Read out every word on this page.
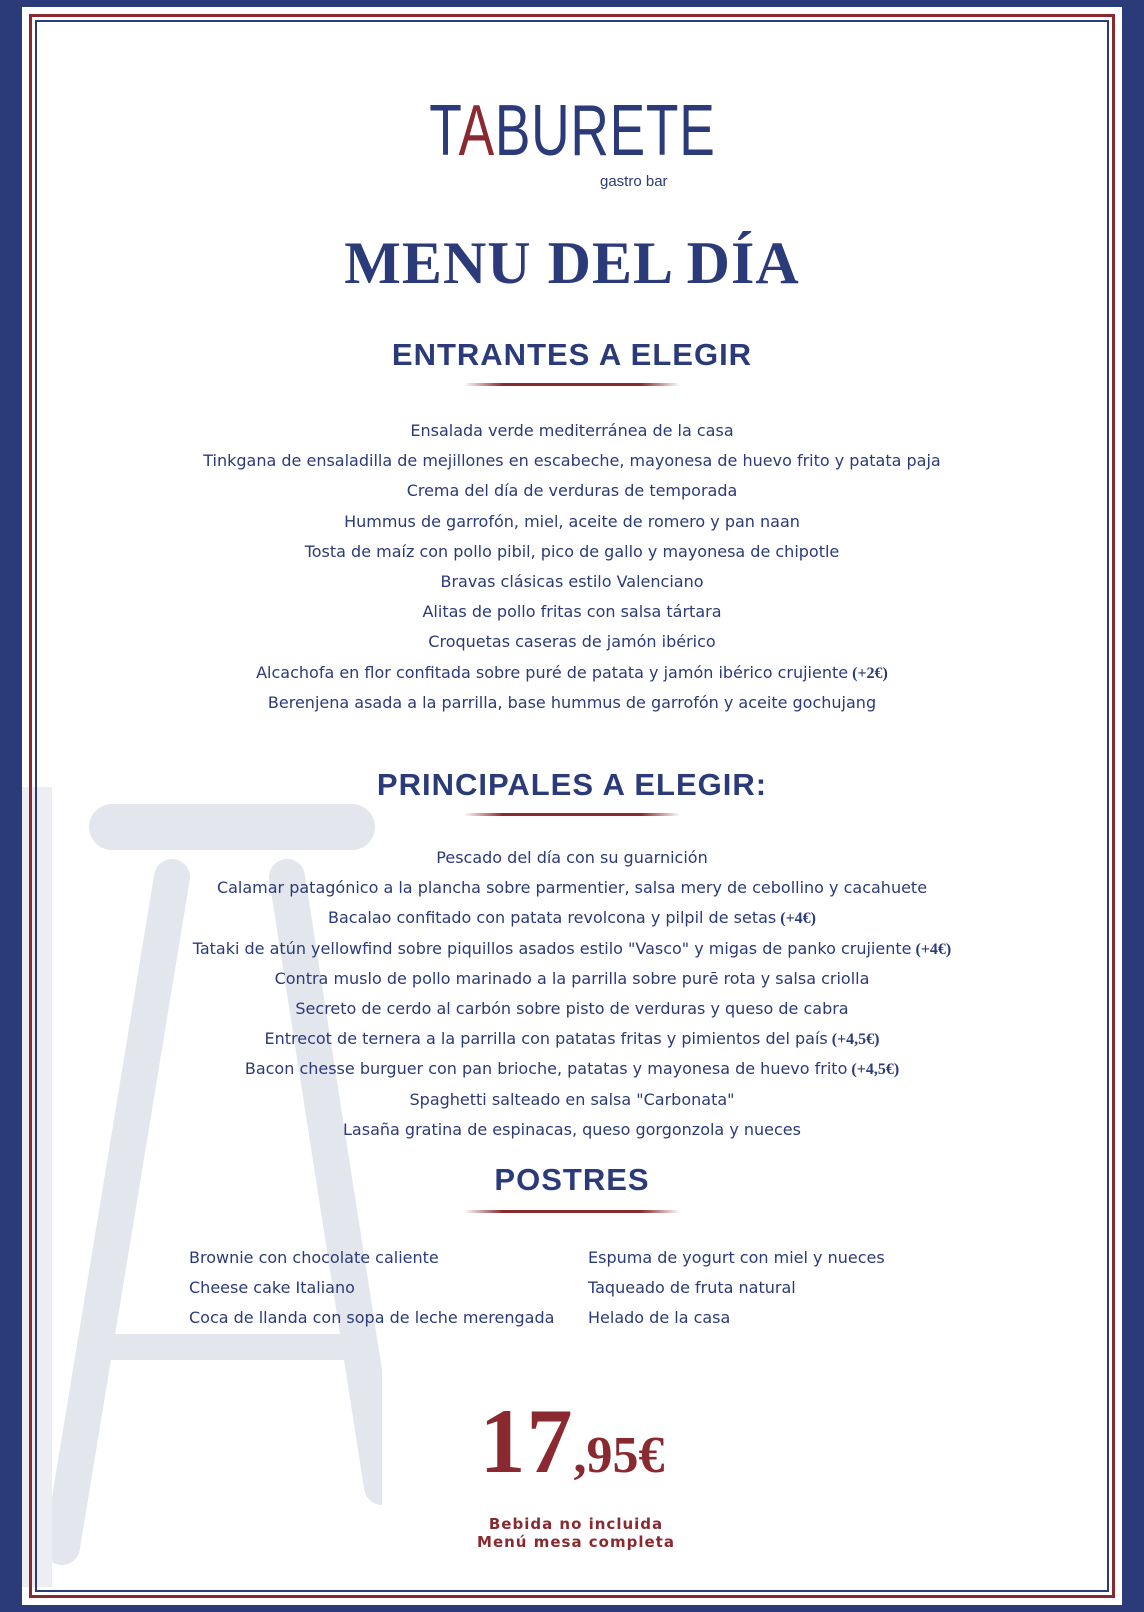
TABURETE
gastro bar
MENU DEL DÍA
ENTRANTES A ELEGIR
Ensalada verde mediterránea de la casa
Tinkgana de ensaladilla de mejillones en escabeche, mayonesa de huevo frito y patata paja
Crema del día de verduras de temporada
Hummus de garrofón, miel, aceite de romero y pan naan
Tosta de maíz con pollo pibil, pico de gallo y mayonesa de chipotle
Bravas clásicas estilo Valenciano
Alitas de pollo fritas con salsa tártara
Croquetas caseras de jamón ibérico
Alcachofa en flor confitada sobre puré de patata y jamón ibérico crujiente (+2€)
Berenjena asada a la parrilla, base hummus de garrofón y aceite gochujang
PRINCIPALES A ELEGIR:
Pescado del día con su guarnición
Calamar patagónico a la plancha sobre parmentier, salsa mery de cebollino y cacahuete
Bacalao confitado con patata revolcona y pilpil de setas (+4€)
Tataki de atún yellowfind sobre piquillos asados estilo "Vasco" y migas de panko crujiente (+4€)
Contra muslo de pollo marinado a la parrilla sobre purē rota y salsa criolla
Secreto de cerdo al carbón sobre pisto de verduras y queso de cabra
Entrecot de ternera a la parrilla con patatas fritas y pimientos del país (+4,5€)
Bacon chesse burguer con pan brioche, patatas y mayonesa de huevo frito (+4,5€)
Spaghetti salteado en salsa "Carbonata"
Lasaña gratina de espinacas, queso gorgonzola y nueces
POSTRES
Brownie con chocolate caliente
Cheese cake Italiano
Coca de llanda con sopa de leche merengada
Espuma de yogurt con miel y nueces
Taqueado de fruta natural
Helado de la casa
17,95€
Bebida no incluida
Menú mesa completa
